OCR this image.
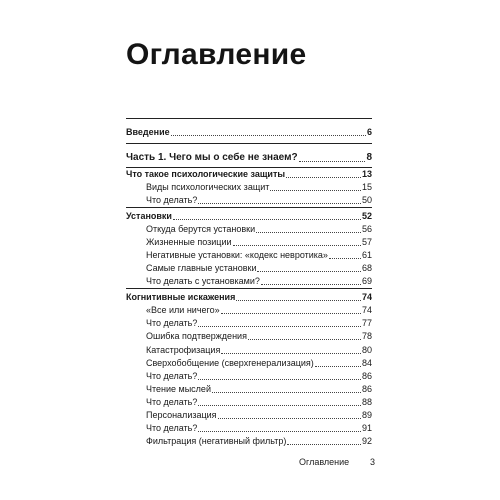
Оглавление
Введение	6
Часть 1. Чего мы о себе не знаем?	8
Что такое психологические защиты	13
Виды психологических защит	15
Что делать?	50
Установки	52
Откуда берутся установки	56
Жизненные позиции	57
Негативные установки: «кодекс невротика»	61
Самые главные установки	68
Что делать с установками?	69
Когнитивные искажения	74
«Все или ничего»	74
Что делать?	77
Ошибка подтверждения	78
Катастрофизация	80
Сверхобобщение (сверхгенерализация)	84
Что делать?	86
Чтение мыслей	86
Что делать?	88
Персонализация	89
Что делать?	91
Фильтрация (негативный фильтр)	92
Оглавление 3
